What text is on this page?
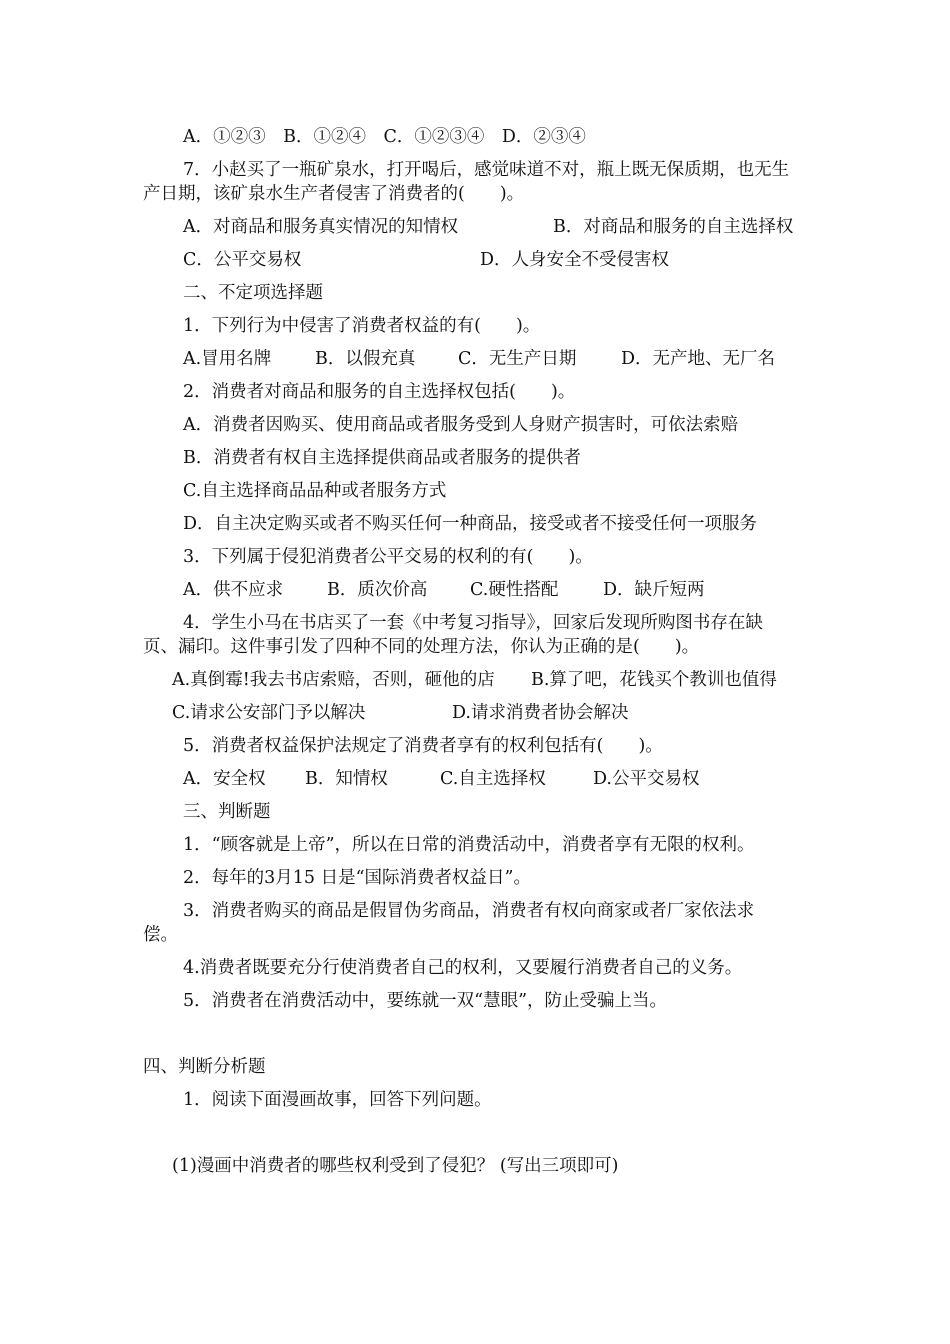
A．①②③　B．①②④　C．①②③④　D．②③④
7．小赵买了一瓶矿泉水，打开喝后，感觉味道不对，瓶上既无保质期，也无生
产日期，该矿泉水生产者侵害了消费者的(　　)。
A．对商品和服务真实情况的知情权	B．对商品和服务的自主选择权
C．公平交易权	D．人身安全不受侵害权
二、不定项选择题
1．下列行为中侵害了消费者权益的有(　　)。
A.冒用名牌	B．以假充真 C．无生产日期	D．无产地、无厂名
2．消费者对商品和服务的自主选择权包括(　　)。
A．消费者因购买、使用商品或者服务受到人身财产损害时，可依法索赔
B．消费者有权自主选择提供商品或者服务的提供者
C.自主选择商品品种或者服务方式
D．自主决定购买或者不购买任何一种商品，接受或者不接受任何一项服务
3．下列属于侵犯消费者公平交易的权利的有(　　)。
A．供不应求	B．质次价高 C.硬性搭配	D．缺斤短两
4．学生小马在书店买了一套《中考复习指导》，回家后发现所购图书存在缺
页、漏印。这件事引发了四种不同的处理方法，你认为正确的是(　　)。
A.真倒霉!我去书店索赔，否则，砸他的店 B.算了吧，花钱买个教训也值得
C.请求公安部门予以解决	D.请求消费者协会解决
5．消费者权益保护法规定了消费者享有的权利包括有(　　)。
A．安全权 B．知情权	C.自主选择权	D.公平交易权
三、判断题
1．“顾客就是上帝”，所以在日常的消费活动中，消费者享有无限的权利。
2．每年的3月15 日是“国际消费者权益日”。
3．消费者购买的商品是假冒伪劣商品，消费者有权向商家或者厂家依法求
偿。
4.消费者既要充分行使消费者自己的权利，又要履行消费者自己的义务。
5．消费者在消费活动中，要练就一双“慧眼”，防止受骗上当。
四、判断分析题
1．阅读下面漫画故事，回答下列问题。
(1)漫画中消费者的哪些权利受到了侵犯？ (写出三项即可)
